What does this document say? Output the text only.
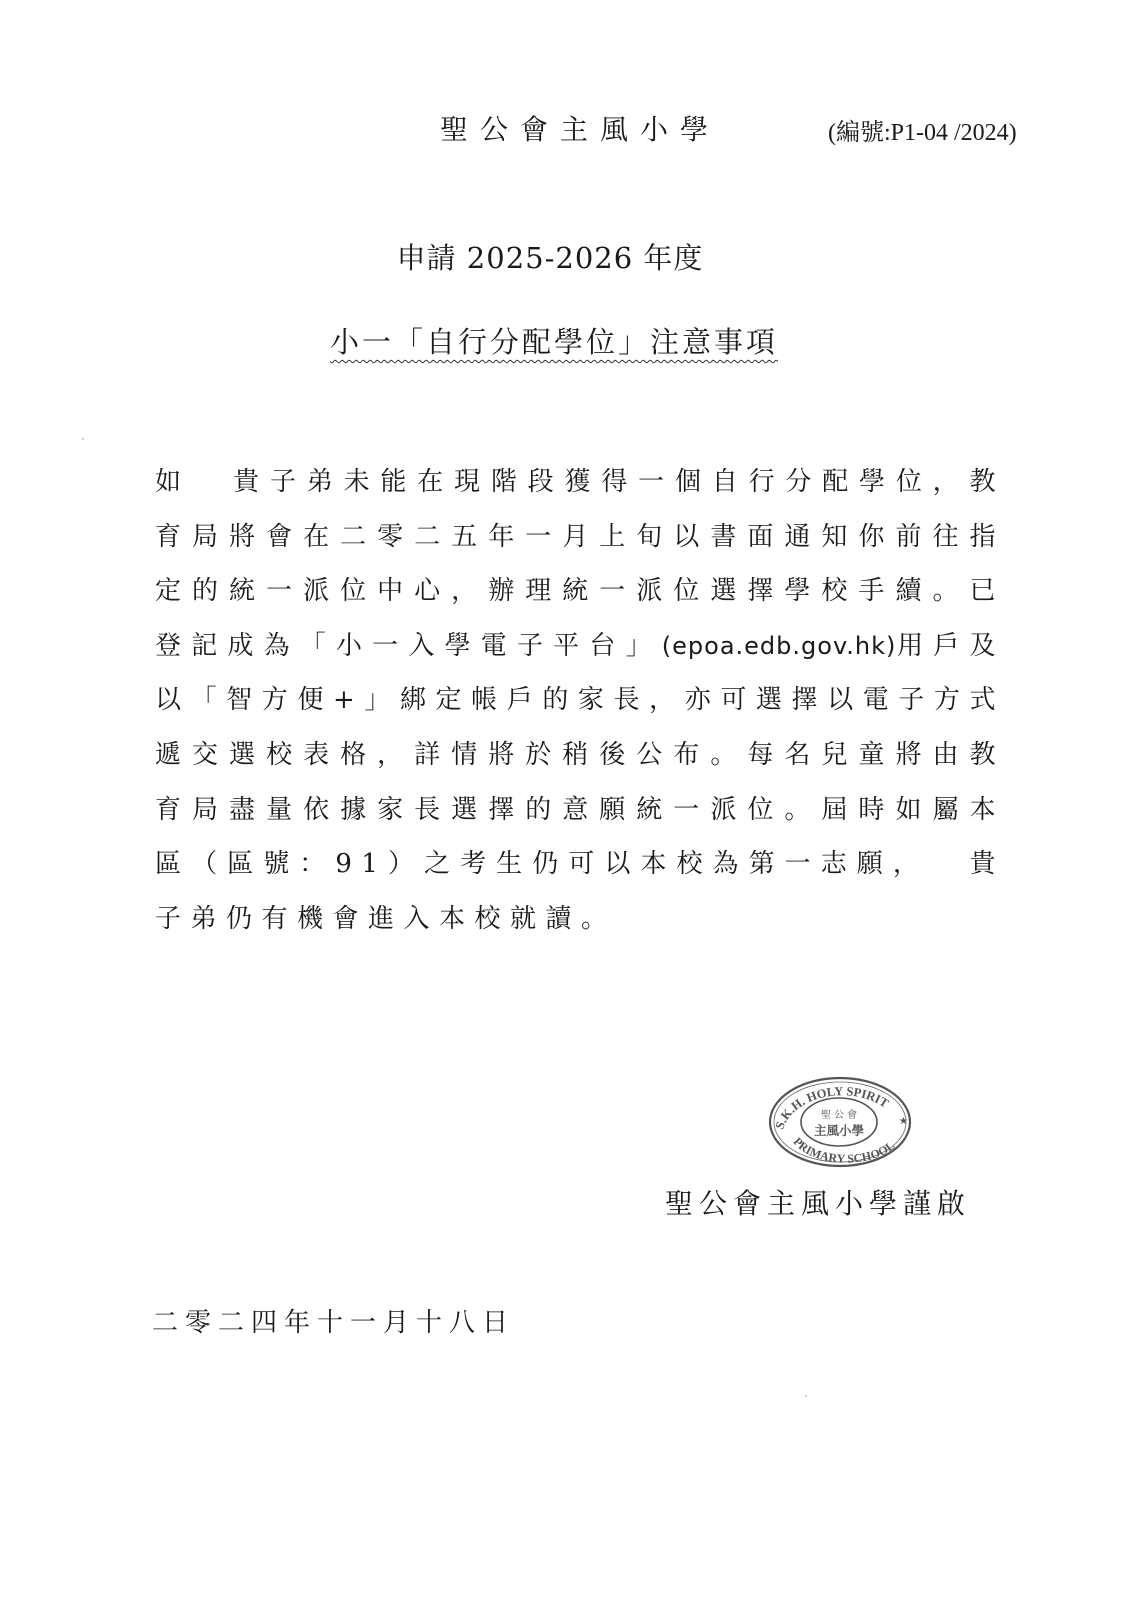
聖公會主風小學	(編號:P1-04 /2024)
申請 2025-2026 年度
小一「自行分配學位」注意事項
如 貴子弟未能在現階段獲得一個自行分配學位，教育局將會在二零二五年一月上旬以書面通知你前往指定的統一派位中心，辦理統一派位選擇學校手續。已登記成為「小一入學電子平台」(epoa.edb.gov.hk)用戶及以「智方便+」綁定帳戶的家長，亦可選擇以電子方式遞交選校表格，詳情將於稍後公布。每名兒童將由教育局盡量依據家長選擇的意願統一派位。屆時如屬本區（區號：91）之考生仍可以本校為第一志願， 貴子弟仍有機會進入本校就讀。
S.K.H. HOLY SPIRIT
PRIMARY SCHOOL
聖 公 會
主風小學
★
聖公會主風小學謹啟
二零二四年十一月十八日
